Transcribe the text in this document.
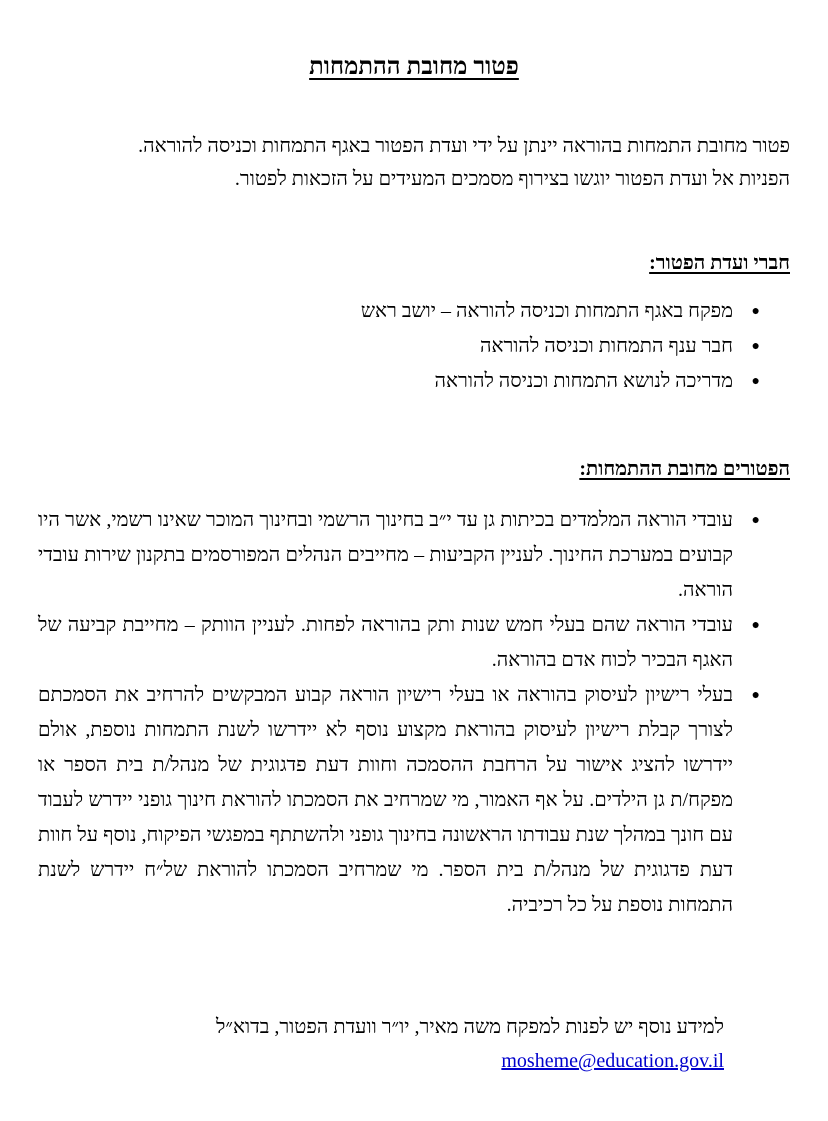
פטור מחובת ההתמחות

פטור מחובת התמחות בהוראה יינתן על ידי ועדת הפטור באגף התמחות וכניסה להוראה.

הפניות אל ועדת הפטור יוגשו בצירוף מסמכים המעידים על הזכאות לפטור.

חברי ועדת הפטור:
●
מפקח באגף התמחות וכניסה להוראה – יושב ראש
●
חבר ענף התמחות וכניסה להוראה
●
מדריכה לנושא התמחות וכניסה להוראה
הפטורים מחובת ההתמחות:
●
עובדי הוראה המלמדים בכיתות גן עד י״ב בחינוך הרשמי ובחינוך המוכר שאינו רשמי, אשר היו קבועים במערכת החינוך. לעניין הקביעות – מחייבים הנהלים המפורסמים בתקנון שירות עובדי הוראה.
●
עובדי הוראה שהם בעלי חמש שנות ותק בהוראה לפחות. לעניין הוותק – מחייבת קביעה של האגף הבכיר לכוח אדם בהוראה.
●
בעלי רישיון לעיסוק בהוראה או בעלי רישיון הוראה קבוע המבקשים להרחיב את הסמכתם לצורך קבלת רישיון לעיסוק בהוראת מקצוע נוסף לא יידרשו לשנת התמחות נוספת, אולם יידרשו להציג אישור על הרחבת ההסמכה וחוות דעת פדגוגית של מנהל/ת בית הספר או מפקח/ת גן הילדים. על אף האמור, מי שמרחיב את הסמכתו להוראת חינוך גופני יידרש לעבוד עם חונך במהלך שנת עבודתו הראשונה בחינוך גופני ולהשתתף במפגשי הפיקוח, נוסף על חוות דעת פדגוגית של מנהל/ת בית הספר. מי שמרחיב הסמכתו להוראת של״ח יידרש לשנת התמחות נוספת על כל רכיביה.

למידע נוסף יש לפנות למפקח משה מאיר, יו״ר וועדת הפטור, בדוא״ל

mosheme@education.gov.il
